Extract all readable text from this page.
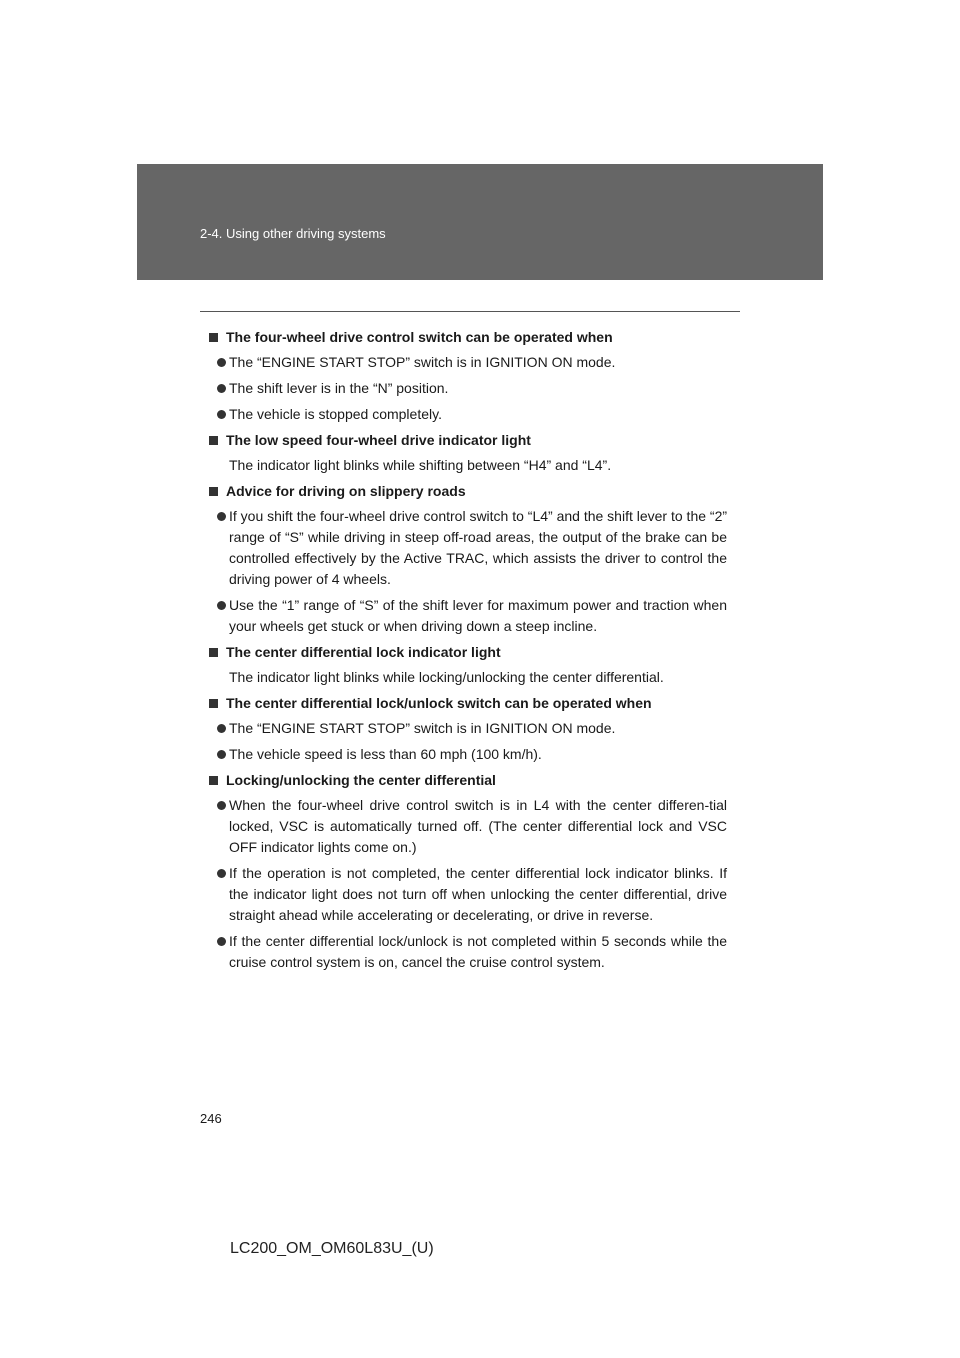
2-4. Using other driving systems

The four-wheel drive control switch can be operated when

The “ENGINE START STOP” switch is in IGNITION ON mode.

The shift lever is in the “N” position.

The vehicle is stopped completely.

The low speed four-wheel drive indicator light

The indicator light blinks while shifting between “H4” and “L4”.

Advice for driving on slippery roads

If you shift the four-wheel drive control switch to “L4” and the shift lever to the “2” range of “S” while driving in steep off-road areas, the output of the brake can be controlled effectively by the Active TRAC, which assists the driver to control the driving power of 4 wheels.

Use the “1” range of “S” of the shift lever for maximum power and traction when your wheels get stuck or when driving down a steep incline.

The center differential lock indicator light

The indicator light blinks while locking/unlocking the center differential.

The center differential lock/unlock switch can be operated when

The “ENGINE START STOP” switch is in IGNITION ON mode.

The vehicle speed is less than 60 mph (100 km/h).

Locking/unlocking the center differential

When the four-wheel drive control switch is in L4 with the center differen-tial locked, VSC is automatically turned off. (The center differential lock and VSC OFF indicator lights come on.)

If the operation is not completed, the center differential lock indicator blinks. If the indicator light does not turn off when unlocking the center differential, drive straight ahead while accelerating or decelerating, or drive in reverse.

If the center differential lock/unlock is not completed within 5 seconds while the cruise control system is on, cancel the cruise control system.

246
LC200_OM_OM60L83U_(U)
